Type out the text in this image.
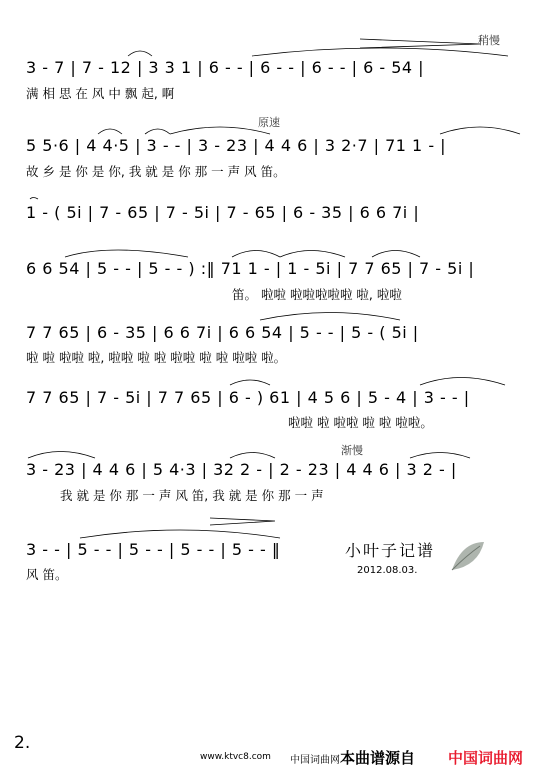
稍慢
原速
渐慢
3 - 7 | 7 - 12 | 3 3 1 | 6 - - | 6 - - | 6 - - | 6 - 54 |
满 相 思 在 风 中 飘 起, 啊
5 5·6 | 4 4·5 | 3 - - | 3 - 23 | 4 4 6 | 3 2·7 | 71 1 - |
故 乡 是 你 是 你, 我 就 是 你 那 一 声 风 笛。
1 - ( 5i | 7 - 65 | 7 - 5i | 7 - 65 | 6 - 35 | 6 6 7i |
6 6 54 | 5 - - | 5 - - ) :‖ 71 1 - | 1 - 5i | 7 7 65 | 7 - 5i |
笛。 啦啦 啦啦啦啦啦 啦, 啦啦
7 7 65 | 6 - 35 | 6 6 7i | 6 6 54 | 5 - - | 5 - ( 5i |
啦 啦 啦啦 啦, 啦啦 啦 啦 啦啦 啦 啦 啦啦 啦。
7 7 65 | 7 - 5i | 7 7 65 | 6 - ) 61 | 4 5 6 | 5 - 4 | 3 - - |
啦啦 啦 啦啦 啦 啦 啦啦。
3 - 23 | 4 4 6 | 5 4·3 | 32 2 - | 2 - 23 | 4 4 6 | 3 2 - |
我 就 是 你 那 一 声 风 笛, 我 就 是 你 那 一 声
3 - - | 5 - - | 5 - - | 5 - - | 5 - - ‖
风 笛。
小叶子记谱
2012.08.03.
2.
www.ktvc8.com 中国词曲网 本曲谱源自 中国词曲网
